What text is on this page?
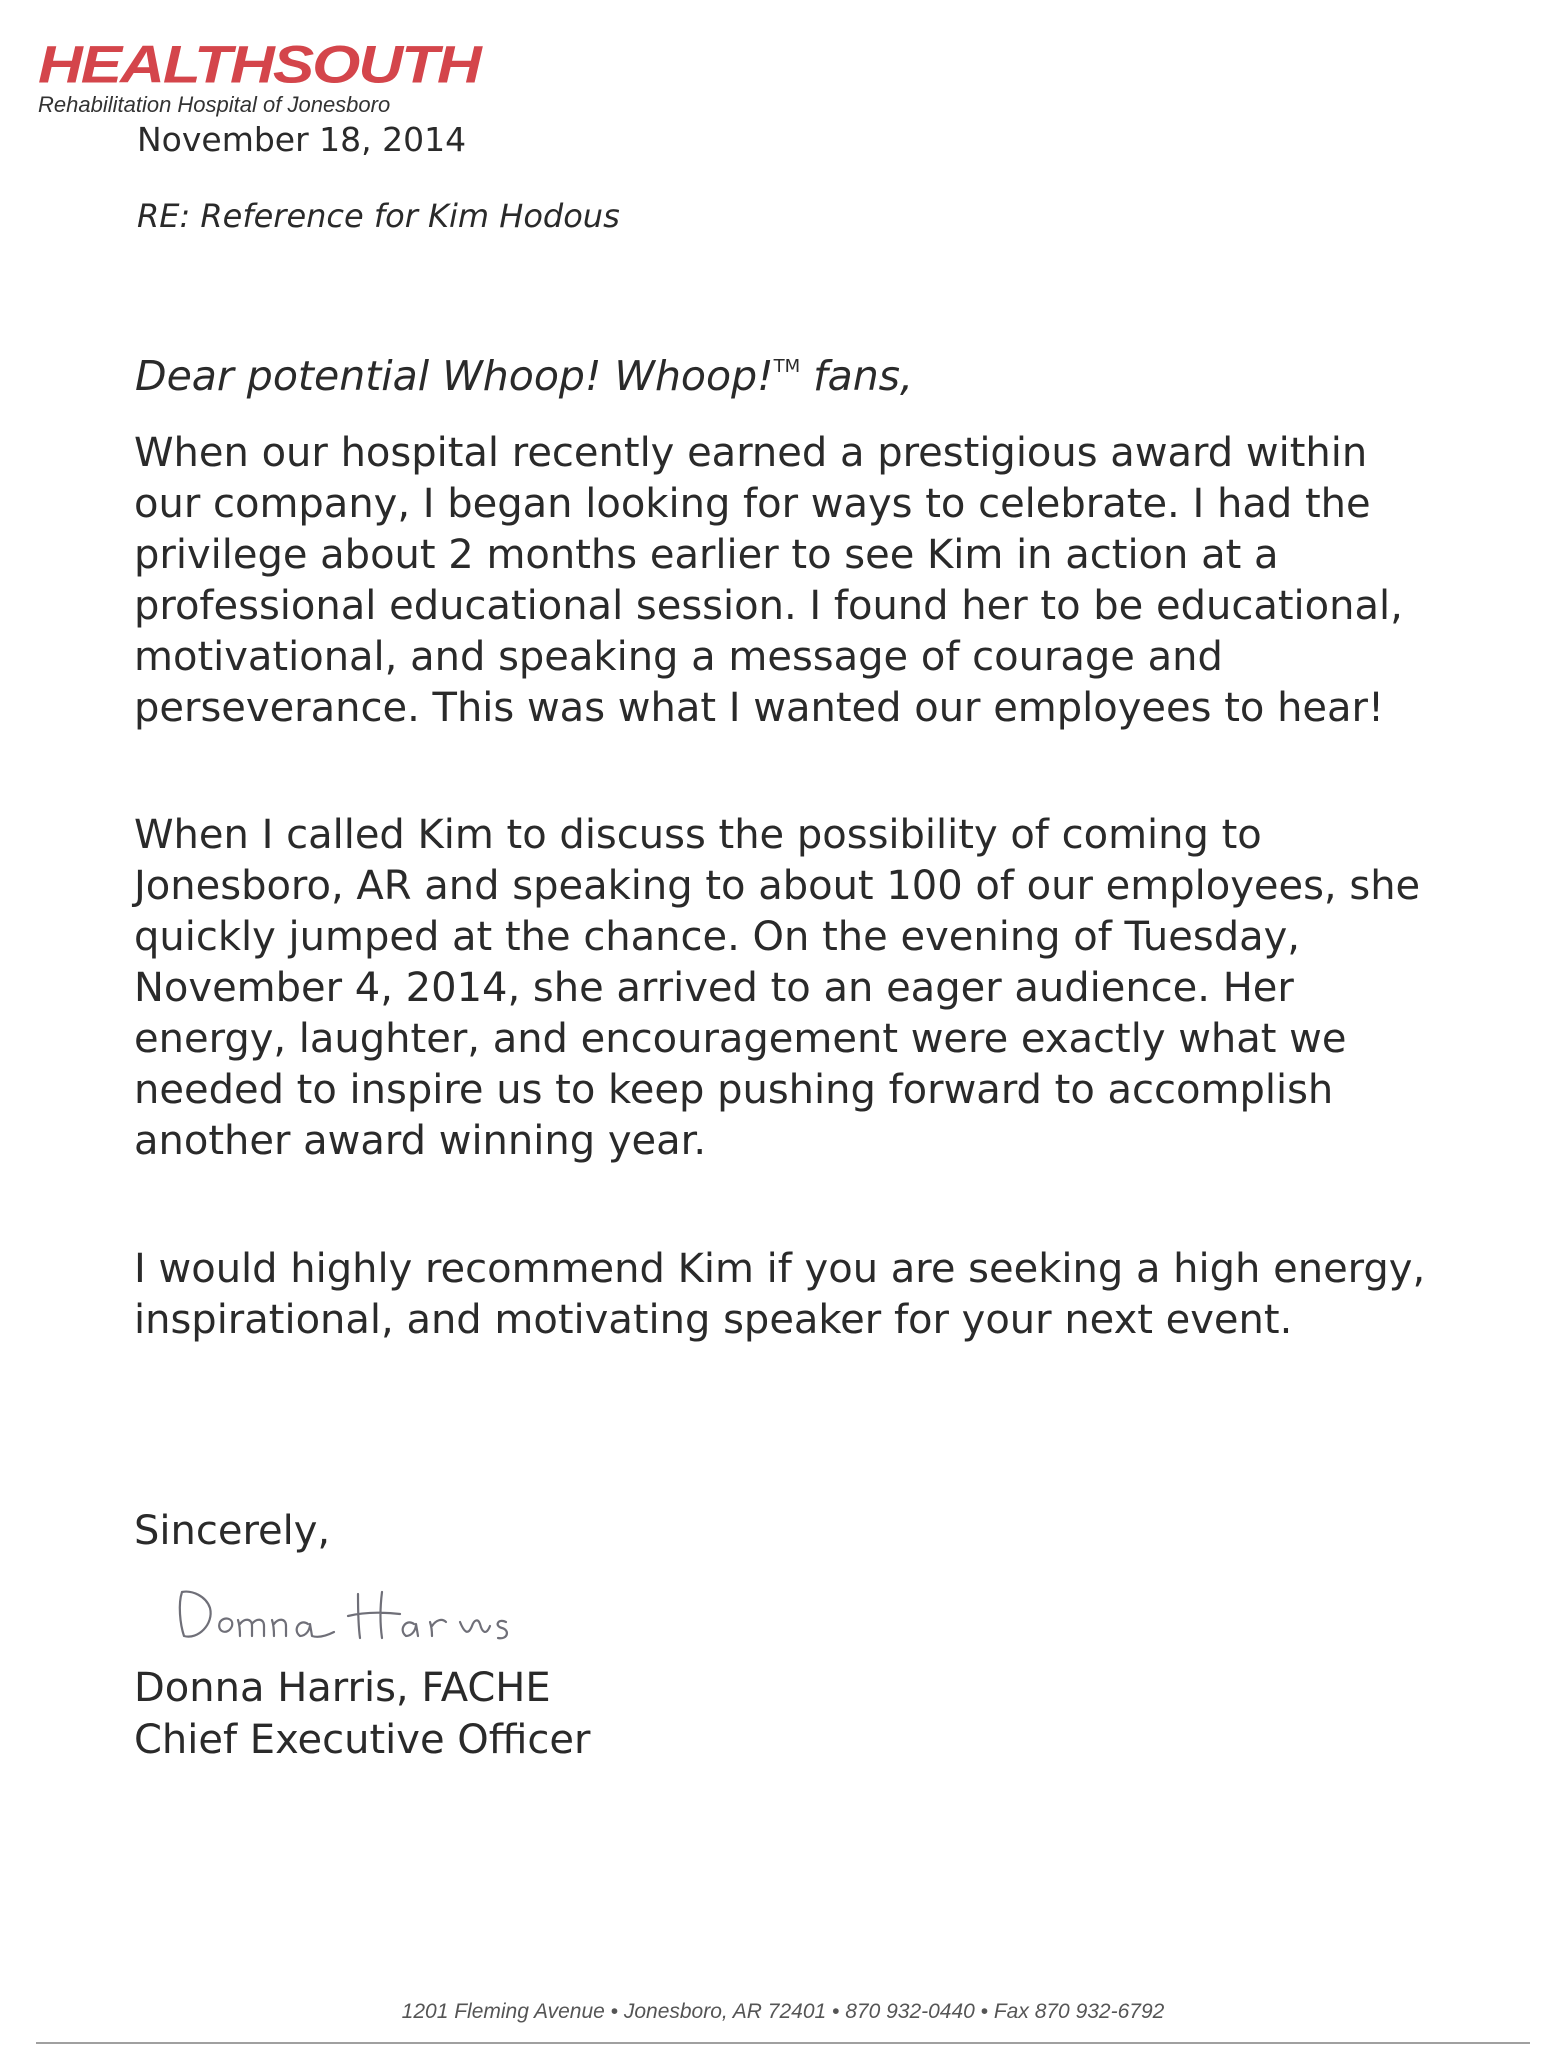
HEALTHSOUTH
Rehabilitation Hospital of Jonesboro
November 18, 2014
RE: Reference for Kim Hodous
Dear potential Whoop! Whoop!™ fans,
When our hospital recently earned a prestigious award within our company, I began looking for ways to celebrate. I had the privilege about 2 months earlier to see Kim in action at a professional educational session. I found her to be educational, motivational, and speaking a message of courage and perseverance. This was what I wanted our employees to hear!
When I called Kim to discuss the possibility of coming to Jonesboro, AR and speaking to about 100 of our employees, she quickly jumped at the chance. On the evening of Tuesday, November 4, 2014, she arrived to an eager audience. Her energy, laughter, and encouragement were exactly what we needed to inspire us to keep pushing forward to accomplish another award winning year.
I would highly recommend Kim if you are seeking a high energy, inspirational, and motivating speaker for your next event.
Sincerely,
Donna Harris, FACHE
Chief Executive Officer
1201 Fleming Avenue • Jonesboro, AR 72401 • 870 932-0440 • Fax 870 932-6792
